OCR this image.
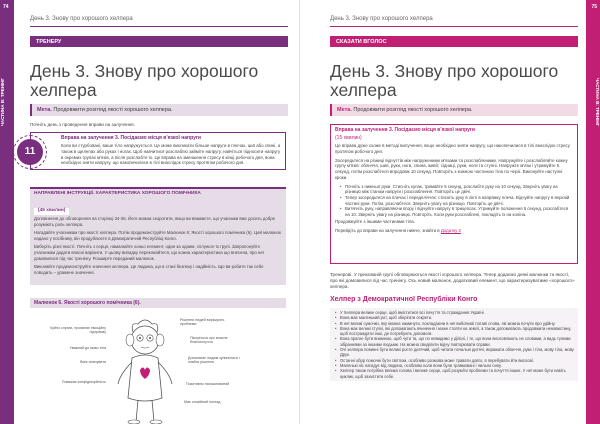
74
ЧАСТИНА В: ТРЕНІНГ
День 3. Знову про хорошого хелпера
ТРЕНЕРУ
День 3. Знову про хорошого хелпера
Мета. Продовжити розгляд якості хорошого хелпера.
Почніть день з проведення вправи на залучення.
Вправа на залучення 3. Посідаємо місця в'язкої напруги
Коли ви стурбовані, ваше тіло напружується. Це може викликати більше напруги в плечах, шиї або спині, а також в щелепах або руках і ногах. Щоб навчитися розслаблю займіте напругу, навчіться підносити напругу в окремих групах м'язів, а після розслабте їх. Це вправа на зменшення стресу в кінці робочого дня, вона необхідно зняти напругу, що накопичилася в тілі внаслідок стресу протягом робочого дня.
11
НАПРАВЛЕНІ ІНСТРУКЦІЇ. ХАРАКТЕРИСТИКА ХОРОШОГО ПОМІЧНИКА
(45 хвилин)
Доповнення до обговорення на сторінці 34-35. Його можна скоротити, якщо ви вважаєте, що учасники вже досить добре розуміють роль хелпера.
Нагадайте учасникам про якості хелпера. Потім продемонструйте Малюнок 6: Якості хорошого помічника (6). Цей малюнок надано у посібнику, він продублюєте в Демократичній Республіці Конго.
Виберіть різні якості. Почніть з серця, намалюйте хоньо елемент, один за одним, сплуньте їх групі. Запропонуйте учасникам додати власні варіанти. У цьому випадку переконайтеся, що кожна характеристика що внесена, про неї домовилися під час тренінгу. Розширте переданий малюнок.
Виконайте продемонструйте значення хелпера. Це людина, що в стані безпеку і надійність. Що ви робите так себе поводить – уражене значення.
Малюнок 6. Якості хорошого помічника (6).
Чуйно слухає, проявляє емоційну підтримку
Рішення людей вирішують проблеми
Піклується про власне благополуччя
Уважний до мови тіла
Вміє співчувати
Допомагає людям зупинитися і знайти рішення
Поважає конфіденційність	Позитивно налаштований
Має спокійний погляд
75
ЧАСТИНА В: ТРЕНІНГ
День 3. Знову про хорошого хелпера
СКАЗАТИ ВГОЛОС
День 3. Знову про хорошого хелпера
Мета. Продовжити розгляд якості хорошого хелпера.
Вправа на залучення 3. Посідаємо місця в'язкої напруги
(15 хвилин)
Це вправа дуже схоже в методі вилучення, якщо необхідно зняти напругу, що накопичилися в тілі внаслідок стресу протягом робочого дня.
Зосередьтеся на різниці відчуттів між напруженими м'язами та розслабленими. Напружуйте і розслабляйте кожну групу м'язів: обличчя, шия, руки, ноги, спина, живіт, сідниці, руки, ноги та ступні. Напружте м'язи і утримуйте 5 секунд, потім розслабтеся впродовж 10 секунд. Повторіть з кожною частиною тіла по черзі. Виконуйте наступні кроки.
• Почніть з нижньої руки. Стисніть кулак, тримайте 5 секунд, розслабте руку на 10 секунд. Зверніть увагу на різницю між станом напруги і розслаблення. Повторіть це двічі.
• Тепер зосередьтеся на плечах і передпліччях: стисніть руку в лікті в напрямку плеча. Відчуйте напругу в верхній частині руки. Потім, розслабтеся. Зверніть увагу на різницю. Повторіть це двічі.
• Витягніть руку, направляючи вгору і відчуйте напругу в трицепсах. Утримуйте положення 5 секунд, розслабтеся на 10. Зверніть увагу на різницю. Повторіть. Коли руки розслаблені, покладіть їх на коліна.
Продовжуйте з іншими частинами тіла.
Перейдіть до вправи на залучення нижче, знайти в Додатку 2
Тренерові. У прихованій групі обговорюються якості хорошого хелпера. Тепер додаємо деякі малюнки та якості, про які домовилися під час тренінгу. Ось новий малюнок, додатковий елемент, що характеризуватиме «хорошого» хелпера.
Хелпер з Демократичної Республіки Конго
• У Хелпера велике серце, щоб вміститися всі почуття та страждання Україні.
• Вона має маленький рот, щоб зберігати секрети.
• В неї великі сумочки, яку можна наминути, покладаючи в неї вибоїнові потаві слова, які можна почути про удійну.
• Вона має великі стулкі, які допомагають вчинення і може стояти на землі, а також допомагають продовжити ненавистину, щоб постраждати інші, де потребують допомоги.
• Вона прагне бути внимною, щоб чути та, що по невидимо у дійсні, і те, що вони висловлюють не словами, а видь тупими зібраннями за іншими людьми. На можна свиділити відчу повторювати справи.
• Очі хелпера повинні бути великі росте дитячий, щоб читати почальні дитячі, виражати обличчя, руки і тіла, мову тіла, мову Друк.
• Останні обрр помочні бути світлом, особливо розмова може травати довго, в перебувати йти вислові.
• Маленькі ніс нагадує від людина, особливо коли вони були травмовані і пильно сину.
• Хелпер також потрібна велика голова і велике серце, щоб розуміти проблеми та почуття інших. У неї може бути навіть циклик, щоб захистити себе.
